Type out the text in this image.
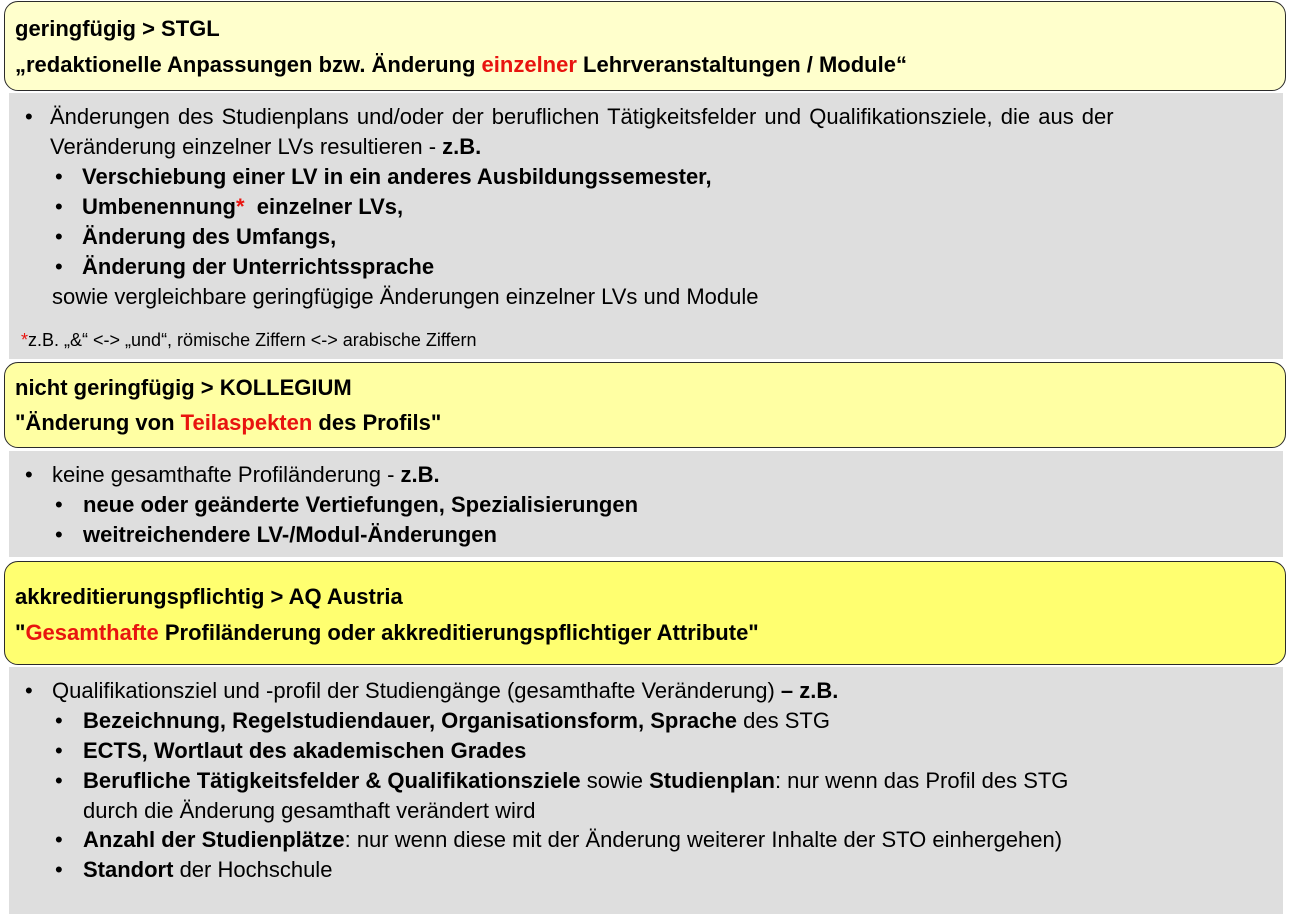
geringfügig > STGL
„redaktionelle Anpassungen bzw. Änderung einzelner Lehrveranstaltungen / Module“
• Änderungen des Studienplans und/oder der beruflichen Tätigkeitsfelder und Qualifikationsziele, die aus der
Veränderung einzelner LVs resultieren - z.B.
• Verschiebung einer LV in ein anderes Ausbildungssemester,
• Umbenennung* einzelner LVs,
• Änderung des Umfangs,
• Änderung der Unterrichtssprache
sowie vergleichbare geringfügige Änderungen einzelner LVs und Module
*z.B. „&“ <-> „und“, römische Ziffern <-> arabische Ziffern
nicht geringfügig > KOLLEGIUM
"Änderung von Teilaspekten des Profils"
• keine gesamthafte Profiländerung - z.B.
• neue oder geänderte Vertiefungen, Spezialisierungen
• weitreichendere LV-/Modul-Änderungen
akkreditierungspflichtig > AQ Austria
"Gesamthafte Profiländerung oder akkreditierungspflichtiger Attribute"
• Qualifikationsziel und -profil der Studiengänge (gesamthafte Veränderung) – z.B.
• Bezeichnung, Regelstudiendauer, Organisationsform, Sprache des STG
• ECTS, Wortlaut des akademischen Grades
• Berufliche Tätigkeitsfelder & Qualifikationsziele sowie Studienplan: nur wenn das Profil des STG
durch die Änderung gesamthaft verändert wird
• Anzahl der Studienplätze: nur wenn diese mit der Änderung weiterer Inhalte der STO einhergehen)
• Standort der Hochschule
